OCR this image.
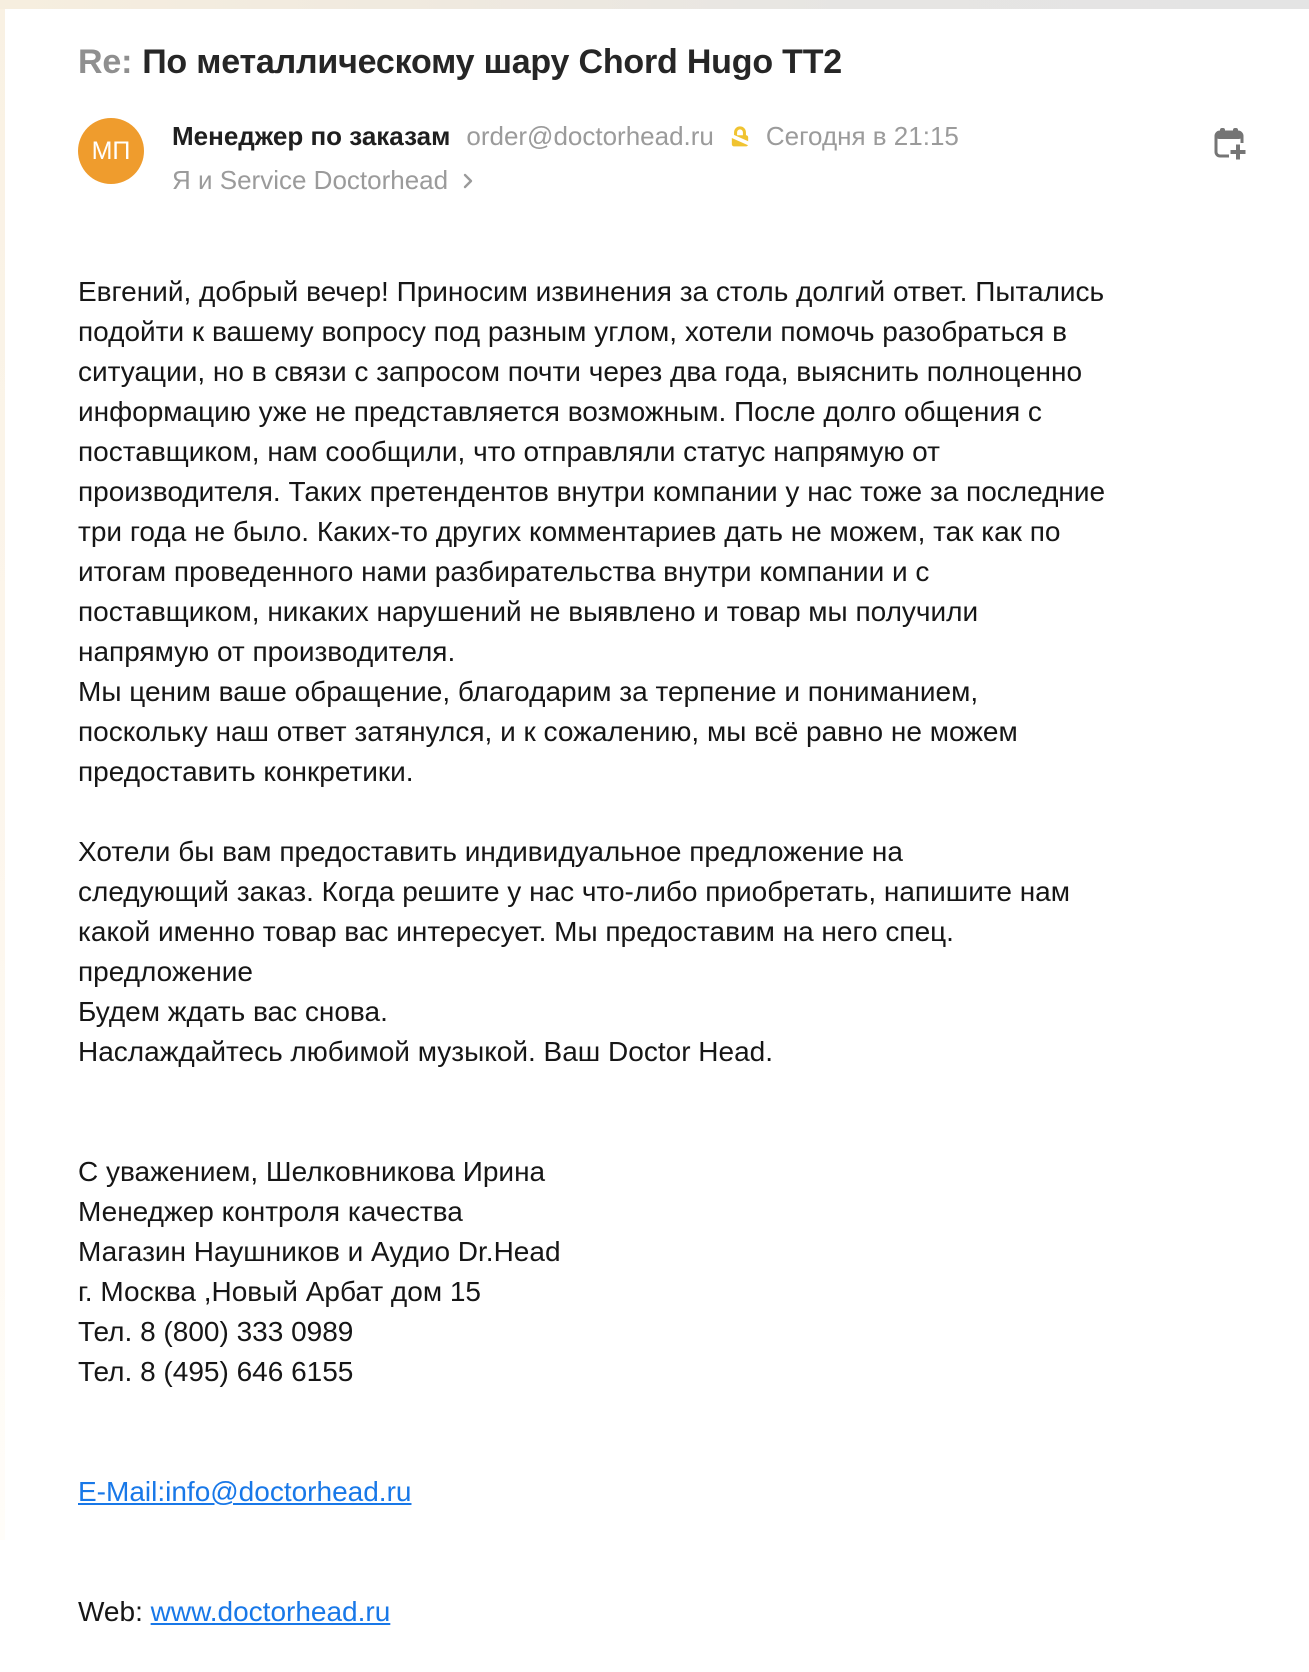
Re: По металлическому шару Chord Hugo TT2
МП	Менеджер по заказам order@doctorhead.ru Сегодня в 21:15
Я и Service Doctorhead
Евгений, добрый вечер! Приносим извинения за столь долгий ответ. Пытались
подойти к вашему вопросу под разным углом, хотели помочь разобраться в
ситуации, но в связи с запросом почти через два года, выяснить полноценно
информацию уже не представляется возможным. После долго общения с
поставщиком, нам сообщили, что отправляли статус напрямую от
производителя. Таких претендентов внутри компании у нас тоже за последние
три года не было. Каких-то других комментариев дать не можем, так как по
итогам проведенного нами разбирательства внутри компании и с
поставщиком, никаких нарушений не выявлено и товар мы получили
напрямую от производителя.
Мы ценим ваше обращение, благодарим за терпение и пониманием,
поскольку наш ответ затянулся, и к сожалению, мы всё равно не можем
предоставить конкретики.
Хотели бы вам предоставить индивидуальное предложение на
следующий заказ. Когда решите у нас что-либо приобретать, напишите нам
какой именно товар вас интересует. Мы предоставим на него спец.
предложение
Будем ждать вас снова.
Наслаждайтесь любимой музыкой. Ваш Doctor Head.

С уважением, Шелковникова Ирина
Менеджер контроля качества
Магазин Наушников и Аудио Dr.Head
г. Москва ,Новый Арбат дом 15
Тел. 8 (800) 333 0989
Тел. 8 (495) 646 6155

E-Mail:info@doctorhead.ru

Web: www.doctorhead.ru
